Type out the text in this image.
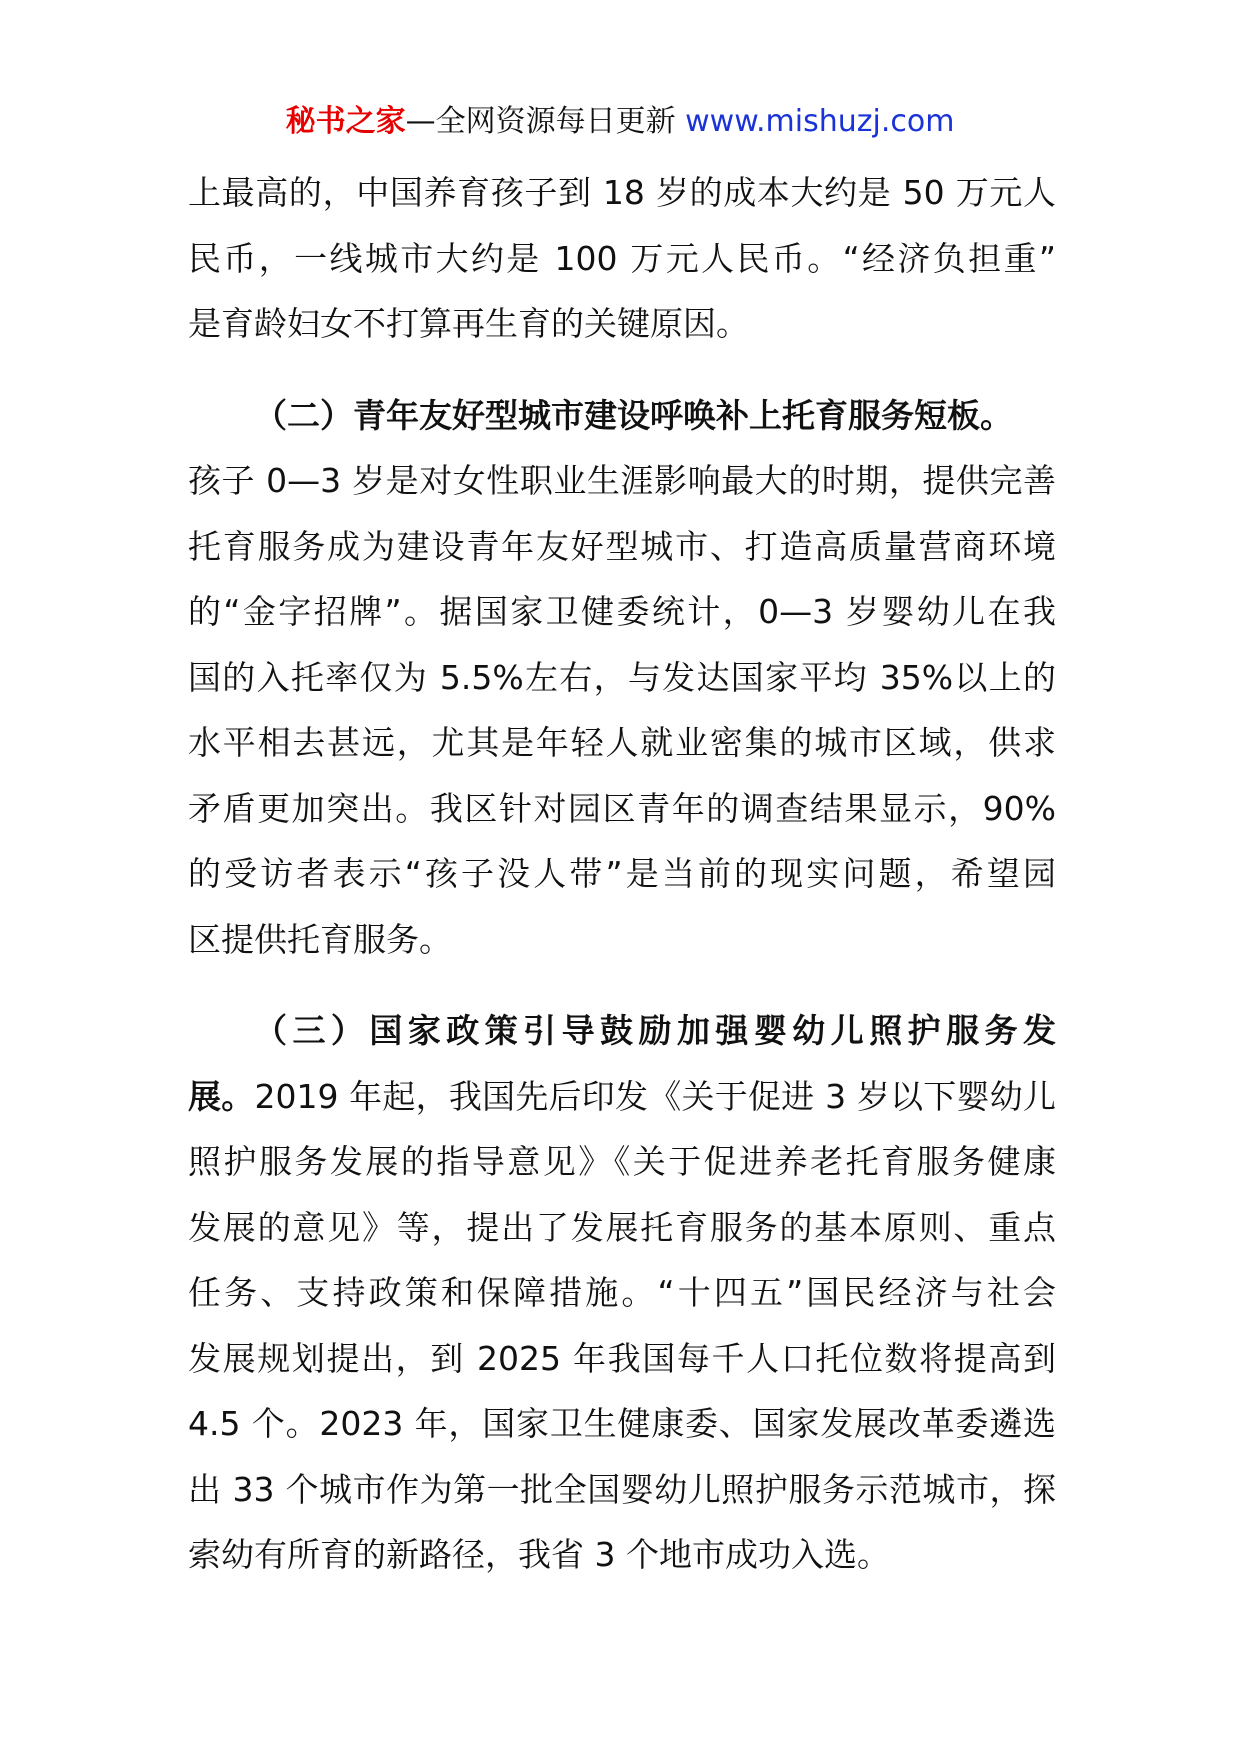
秘书之家—全网资源每日更新 www.mishuzj.com

上最高的，中国养育孩子到 18 岁的成本大约是 50 万元人
民币，一线城市大约是 100 万元人民币。“经济负担重”
是育龄妇女不打算再生育的关键原因。

（二）青年友好型城市建设呼唤补上托育服务短板。
孩子 0—3 岁是对女性职业生涯影响最大的时期，提供完善
托育服务成为建设青年友好型城市、打造高质量营商环境
的“金字招牌”。据国家卫健委统计，0—3 岁婴幼儿在我
国的入托率仅为 5.5%左右，与发达国家平均 35%以上的
水平相去甚远，尤其是年轻人就业密集的城市区域，供求
矛盾更加突出。我区针对园区青年的调查结果显示，90%
的受访者表示“孩子没人带”是当前的现实问题，希望园
区提供托育服务。

（三）国家政策引导鼓励加强婴幼儿照护服务发
展。2019 年起，我国先后印发《关于促进 3 岁以下婴幼儿
照护服务发展的指导意见》《关于促进养老托育服务健康
发展的意见》等，提出了发展托育服务的基本原则、重点
任务、支持政策和保障措施。“十四五”国民经济与社会
发展规划提出，到 2025 年我国每千人口托位数将提高到
4.5 个。2023 年，国家卫生健康委、国家发展改革委遴选
出 33 个城市作为第一批全国婴幼儿照护服务示范城市，探
索幼有所育的新路径，我省 3 个地市成功入选。
